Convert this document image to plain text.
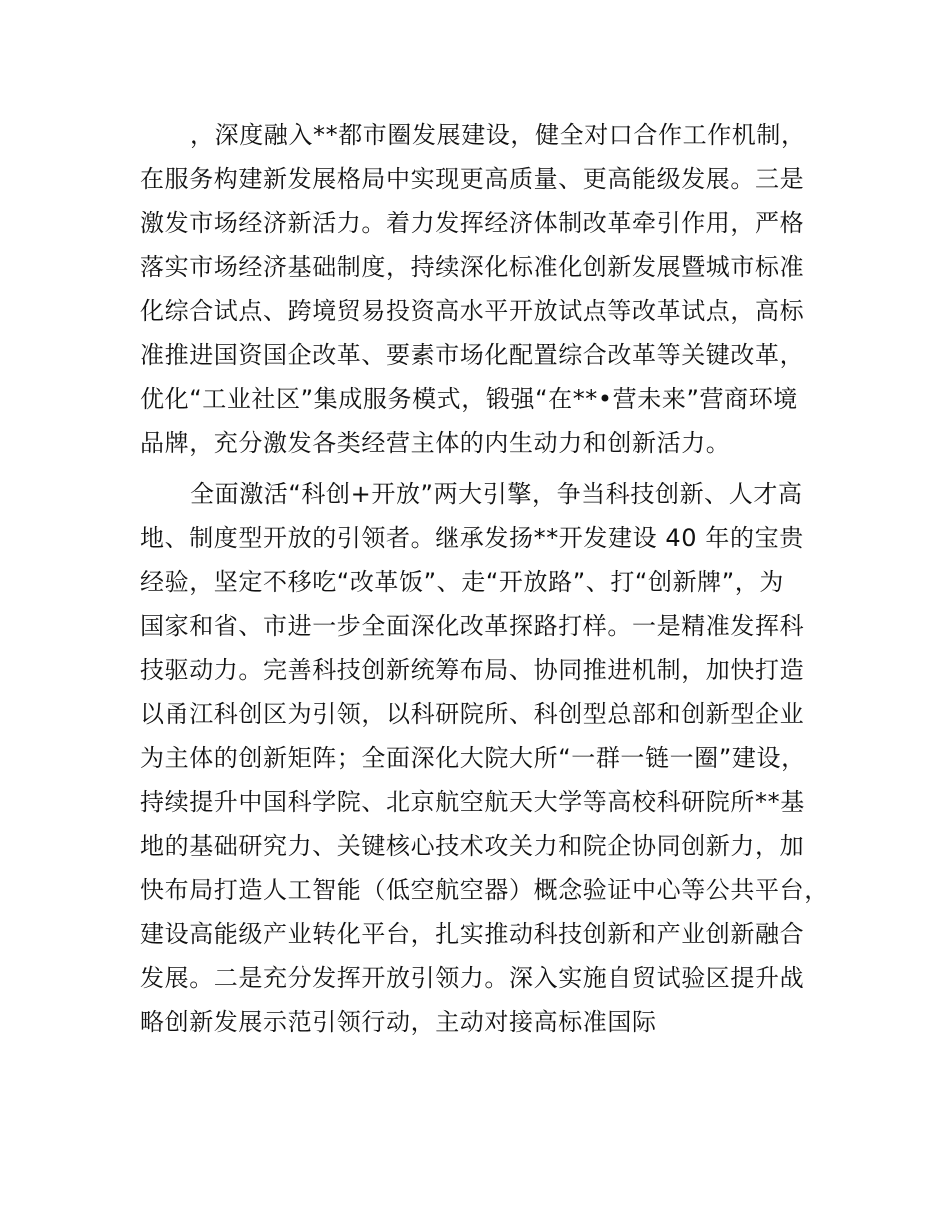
，深度融入**都市圈发展建设，健全对口合作工作机制，
在服务构建新发展格局中实现更高质量、更高能级发展。三是
激发市场经济新活力。着力发挥经济体制改革牵引作用，严格
落实市场经济基础制度，持续深化标准化创新发展暨城市标准
化综合试点、跨境贸易投资高水平开放试点等改革试点，高标
准推进国资国企改革、要素市场化配置综合改革等关键改革，
优化“工业社区”集成服务模式，锻强“在**•营未来”营商环境
品牌，充分激发各类经营主体的内生动力和创新活力。
全面激活“科创+开放”两大引擎，争当科技创新、人才高
地、制度型开放的引领者。继承发扬**开发建设 40 年的宝贵
经验，坚定不移吃“改革饭”、走“开放路”、打“创新牌”，为
国家和省、市进一步全面深化改革探路打样。一是精准发挥科
技驱动力。完善科技创新统筹布局、协同推进机制，加快打造
以甬江科创区为引领，以科研院所、科创型总部和创新型企业
为主体的创新矩阵；全面深化大院大所“一群一链一圈”建设，
持续提升中国科学院、北京航空航天大学等高校科研院所**基
地的基础研究力、关键核心技术攻关力和院企协同创新力，加
快布局打造人工智能（低空航空器）概念验证中心等公共平台，
建设高能级产业转化平台，扎实推动科技创新和产业创新融合
发展。二是充分发挥开放引领力。深入实施自贸试验区提升战
略创新发展示范引领行动，主动对接高标准国际
